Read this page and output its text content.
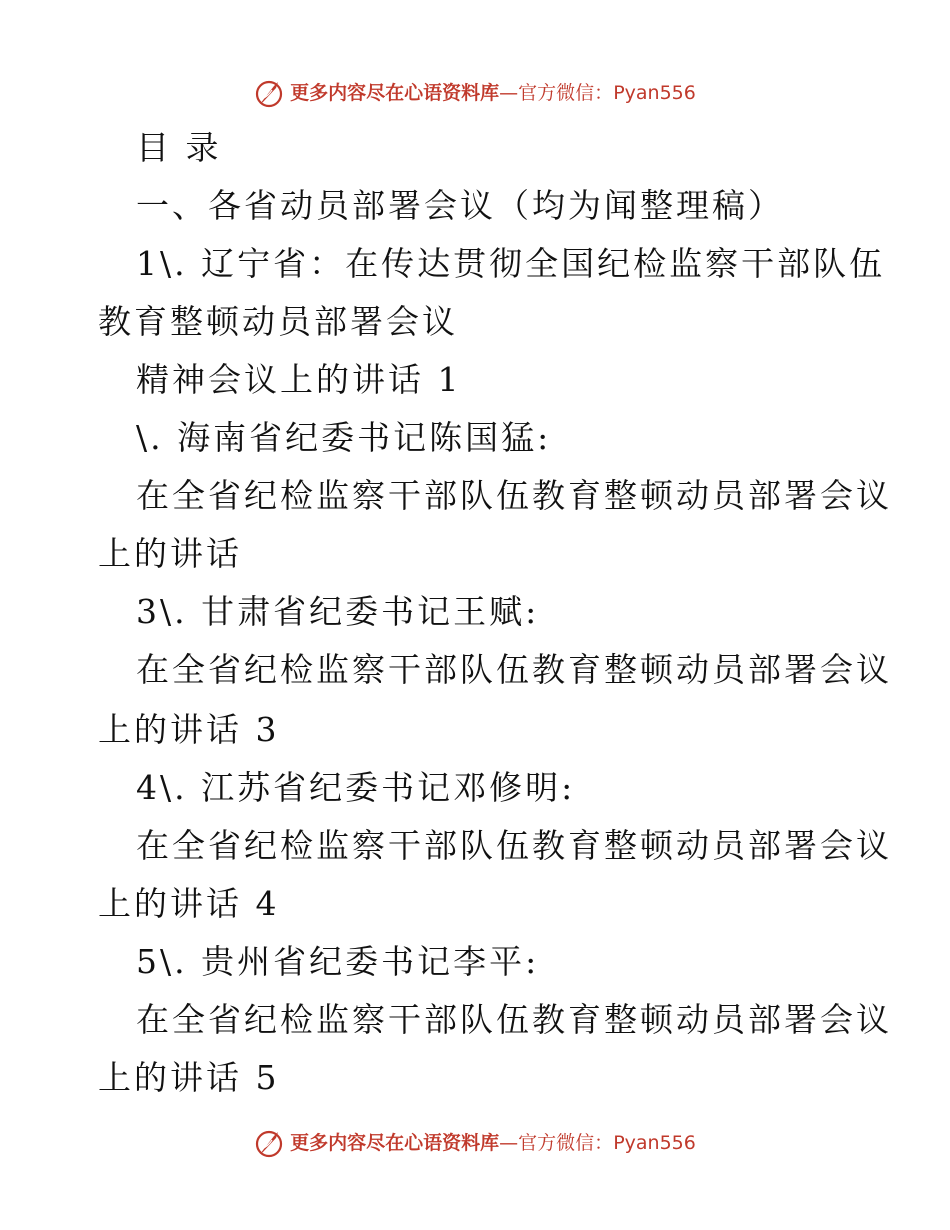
更多内容尽在心语资料库 — 官方微信： Pyan556
目 录
一、各省动员部署会议（均为闻整理稿）
1\. 辽宁省：在传达贯彻全国纪检监察干部队伍
教育整顿动员部署会议
精神会议上的讲话 1
\. 海南省纪委书记陈国猛:
在全省纪检监察干部队伍教育整顿动员部署会议
上的讲话
3\. 甘肃省纪委书记王赋:
在全省纪检监察干部队伍教育整顿动员部署会议
上的讲话 3
4\. 江苏省纪委书记邓修明:
在全省纪检监察干部队伍教育整顿动员部署会议
上的讲话 4
5\. 贵州省纪委书记李平:
在全省纪检监察干部队伍教育整顿动员部署会议
上的讲话 5
更多内容尽在心语资料库 — 官方微信： Pyan556
